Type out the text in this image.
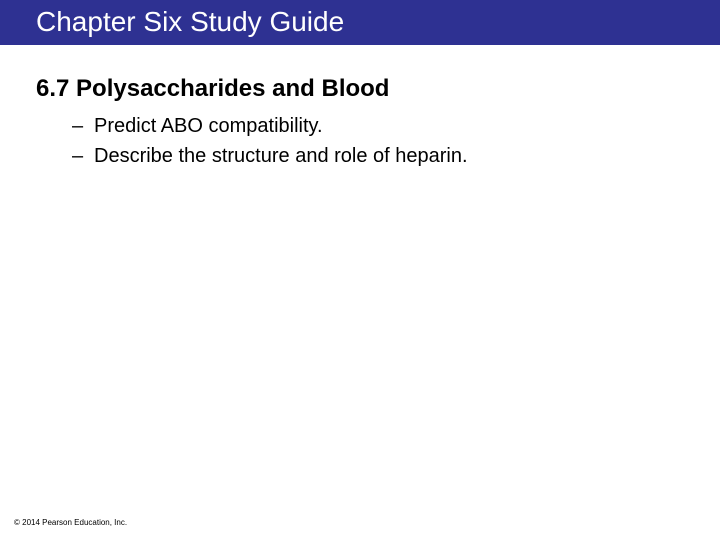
Chapter Six Study Guide
6.7 Polysaccharides and Blood
– Predict ABO compatibility.
– Describe the structure and role of heparin.
© 2014 Pearson Education, Inc.
